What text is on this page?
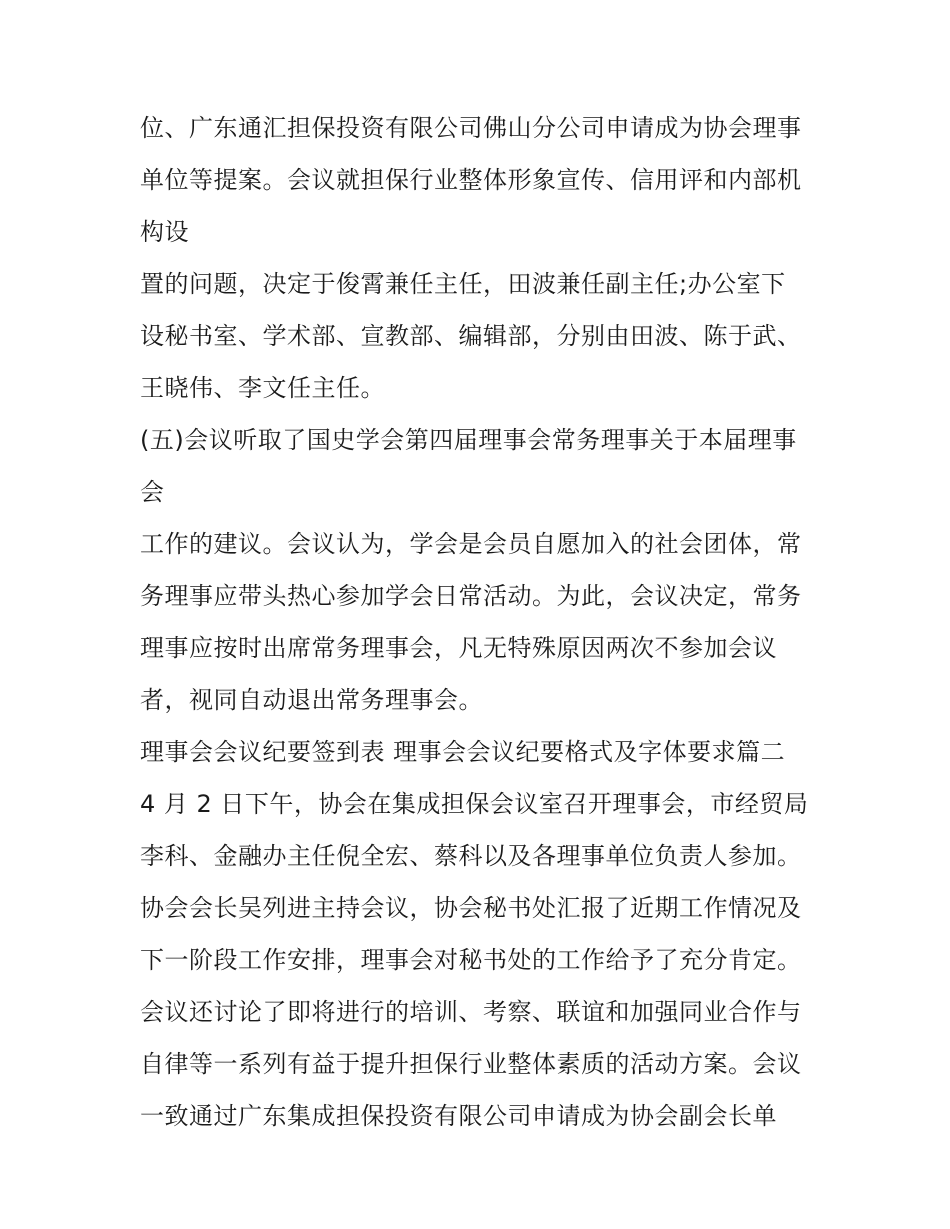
位、广东通汇担保投资有限公司佛山分公司申请成为协会理事
单位等提案。会议就担保行业整体形象宣传、信用评和内部机
构设
置的问题，决定于俊霄兼任主任，田波兼任副主任;办公室下
设秘书室、学术部、宣教部、编辑部，分别由田波、陈于武、
王晓伟、李文任主任。
(五)会议听取了国史学会第四届理事会常务理事关于本届理事
会
工作的建议。会议认为，学会是会员自愿加入的社会团体，常
务理事应带头热心参加学会日常活动。为此，会议决定，常务
理事应按时出席常务理事会，凡无特殊原因两次不参加会议
者，视同自动退出常务理事会。
理事会会议纪要签到表 理事会会议纪要格式及字体要求篇二
4 月 2 日下午，协会在集成担保会议室召开理事会，市经贸局
李科、金融办主任倪全宏、蔡科以及各理事单位负责人参加。
协会会长吴列进主持会议，协会秘书处汇报了近期工作情况及
下一阶段工作安排，理事会对秘书处的工作给予了充分肯定。
会议还讨论了即将进行的培训、考察、联谊和加强同业合作与
自律等一系列有益于提升担保行业整体素质的活动方案。会议
一致通过广东集成担保投资有限公司申请成为协会副会长单
